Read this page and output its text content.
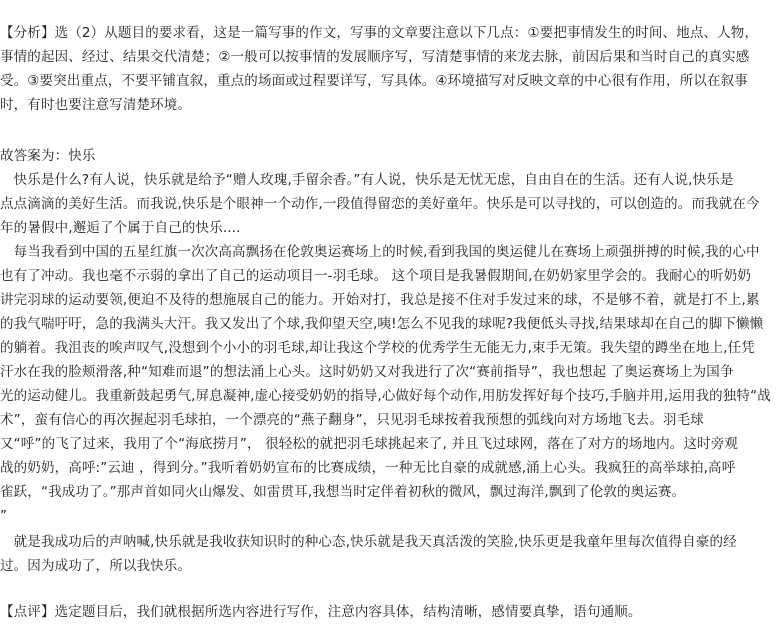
【分析】选（2）从题目的要求看，这是一篇写事的作文，写事的文章要注意以下几点：①要把事情发生的时间、地点、人物，
事情的起因、经过、结果交代清楚；②一般可以按事情的发展顺序写，写清楚事情的来龙去脉，前因后果和当时自己的真实感
受。③要突出重点，不要平铺直叙，重点的场面或过程要详写，写具体。④环境描写对反映文章的中心很有作用，所以在叙事
时，有时也要注意写清楚环境。
故答案为：快乐
　快乐是什么?有人说，快乐就是给予“赠人玫瑰,手留余香。”有人说，快乐是无忧无虑，自由自在的生活。还有人说,快乐是
点点滴滴的美好生活。而我说,快乐是个眼神一个动作,一段值得留恋的美好童年。快乐是可以寻找的，可以创造的。而我就在今
年的暑假中,邂逅了个属于自己的快乐....
　每当我看到中国的五星红旗一次次高高飘扬在伦敦奥运赛场上的时候,看到我国的奥运健儿在赛场上顽强拼搏的时候,我的心中
也有了冲动。我也毫不示弱的拿出了自己的运动项目一-羽毛球。 这个项目是我暑假期间,在奶奶家里学会的。我耐心的听奶奶
讲完羽球的运动要领,便迫不及待的想施展自己的能力。开始对打，我总是接不住对手发过来的球，不是够不着，就是打不上,累
的我气喘吁吁，急的我满头大汗。我又发出了个球,我仰望天空,咦!怎么不见我的球呢?我便低头寻找,结果球却在自己的脚下懒懒
的躺着。我沮丧的唉声叹气,没想到个小小的羽毛球,却让我这个学校的优秀学生无能无力,束手无策。我失望的蹲坐在地上,任凭
汗水在我的脸颊滑落,种“知难而退”的想法涌上心头。这时奶奶又对我进行了次“赛前指导”，我也想起 了奥运赛场上为国争
光的运动健儿。我重新鼓起勇气,屏息凝神,虚心接受奶奶的指导,心做好每个动作,用肪发挥好每个技巧,手脑并用,运用我的独特“战
术”，蛮有信心的再次握起羽毛球拍，一个漂亮的“燕子翻身”，只见羽毛球按着我预想的弧线向对方场地飞去。羽毛球
又“呼”的飞了过来，我用了个“海底捞月”， 很轻松的就把羽毛球挑起来了, 并且飞过球网，落在了对方的场地内。这时旁观
战的奶奶，高呼:”云迪 ，得到分。”我听着奶奶宣布的比赛成绩，一种无比自豪的成就感,涌上心头。我疯狂的高举球拍,高呼
雀跃，“我成功了。”那声首如同火山爆发、如雷贯耳,我想当时定伴着初秋的微风，飘过海洋,飘到了伦敦的奥运赛。
”
　就是我成功后的声呐喊,快乐就是我收获知识时的种心态,快乐就是我天真活泼的笑脸,快乐更是我童年里每次值得自豪的经
过。因为成功了，所以我快乐。
【点评】选定题目后，我们就根据所选内容进行写作，注意内容具体，结构清晰，感情要真挚，语句通顺。
